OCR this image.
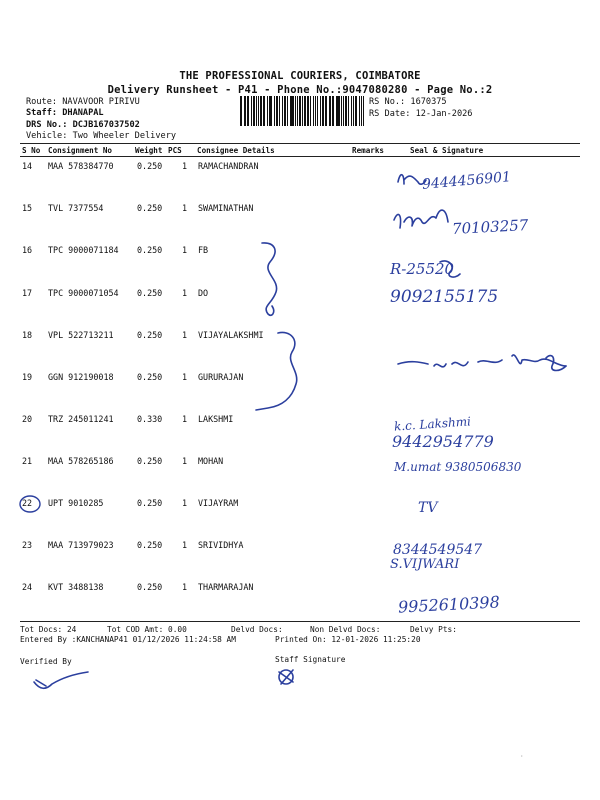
THE PROFESSIONAL COURIERS, COIMBATORE
Delivery Runsheet - P41 - Phone No.:9047080280 - Page No.:2
Route: NAVAVOOR PIRIVU
Staff: DHANAPAL
DRS No.: DCJB167037502
Vehicle: Two Wheeler Delivery
RS No.: 1670375
RS Date: 12-Jan-2026
S No Consignment No	Weight PCS Consignee Details	Remarks	Seal & Signature
14 MAA 578384770	0.250 1 RAMACHANDRAN
15 TVL 7377554	0.250 1 SWAMINATHAN
16 TPC 9000071184 0.250 1 FB
17 TPC 9000071054 0.250 1 DO
18 VPL 522713211	0.250 1 VIJAYALAKSHMI
19 GGN 912190018	0.250 1 GURURAJAN
20 TRZ 245011241	0.330 1 LAKSHMI
21 MAA 578265186	0.250 1 MOHAN
22 UPT 9010285	0.250 1 VIJAYRAM
23 MAA 713979023	0.250 1 SRIVIDHYA
24 KVT 3488138	0.250 1 THARMARAJAN
Tot Docs: 24	Tot COD Amt: 0.00	Delvd Docs:	Non Delvd Docs:	Delvy Pts:
Entered By :KANCHANAP41 01/12/2026 11:24:58 AM	Printed On: 12-01-2026 11:25:20
Verified By	Staff Signature
9444456901
70103257
R-25520
9092155175
k.c. Lakshmi
9442954779
M.umat 9380506830
TV
8344549547
S.VIJWARI
9952610398
·
